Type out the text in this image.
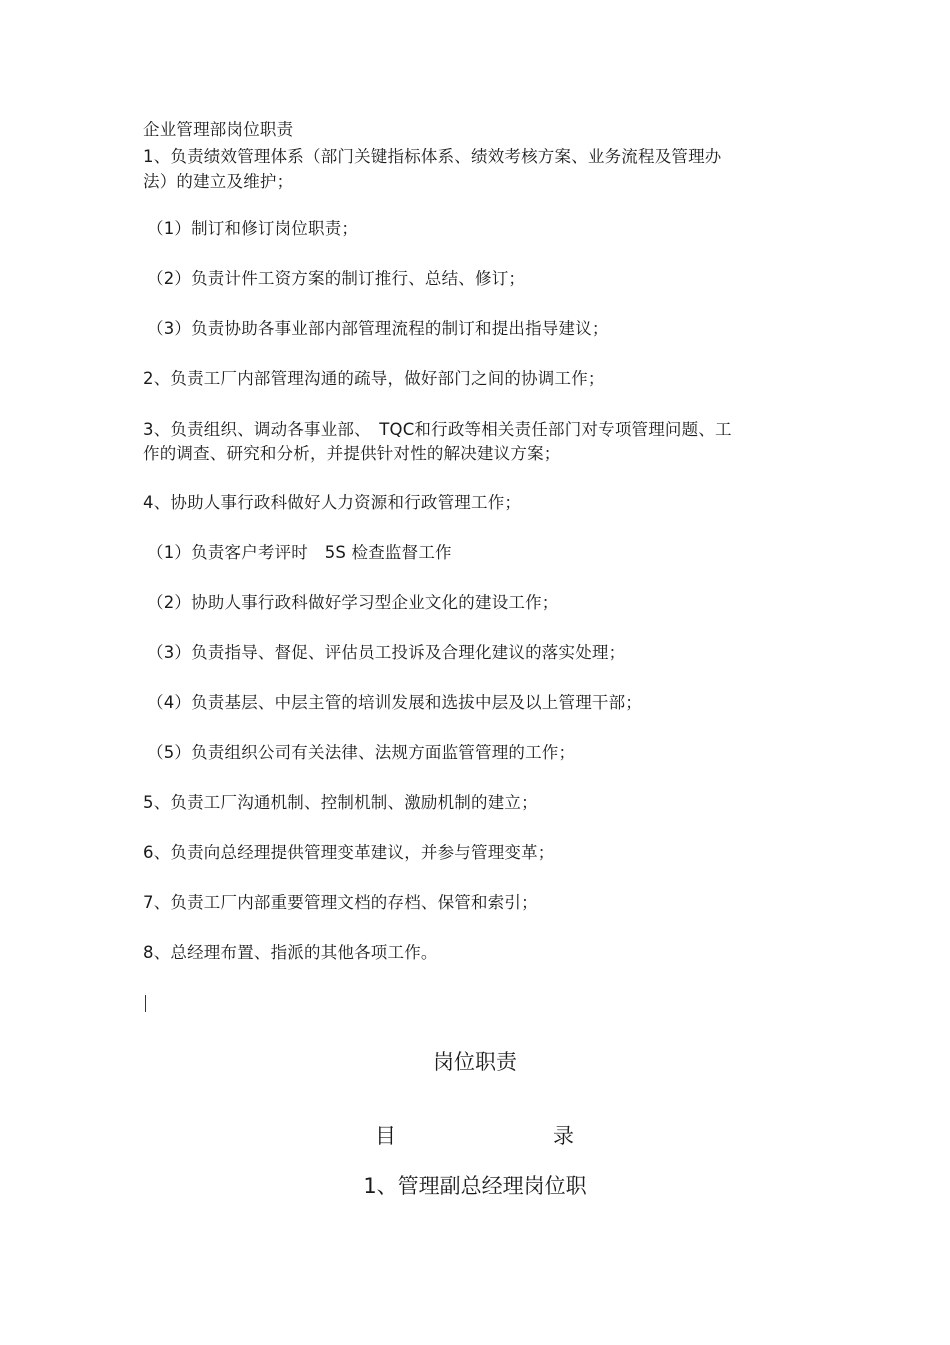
企业管理部岗位职责
1、负责绩效管理体系（部门关键指标体系、绩效考核方案、业务流程及管理办
法）的建立及维护；
（1）制订和修订岗位职责；
（2）负责计件工资方案的制订推行、总结、修订；
（3）负责协助各事业部内部管理流程的制订和提出指导建议；
2、负责工厂内部管理沟通的疏导，做好部门之间的协调工作；
3、负责组织、调动各事业部、　TQC和行政等相关责任部门对专项管理问题、工
作的调查、研究和分析，并提供针对性的解决建议方案；
4、协助人事行政科做好人力资源和行政管理工作；
（1）负责客户考评时　5S 检查监督工作
（2）协助人事行政科做好学习型企业文化的建设工作；
（3）负责指导、督促、评估员工投诉及合理化建议的落实处理；
（4）负责基层、中层主管的培训发展和选拔中层及以上管理干部；
（5）负责组织公司有关法律、法规方面监管管理的工作；
5、负责工厂沟通机制、控制机制、激励机制的建立；
6、负责向总经理提供管理变革建议，并参与管理变革；
7、负责工厂内部重要管理文档的存档、保管和索引；
8、总经理布置、指派的其他各项工作。
岗位职责
目	录
1、管理副总经理岗位职
